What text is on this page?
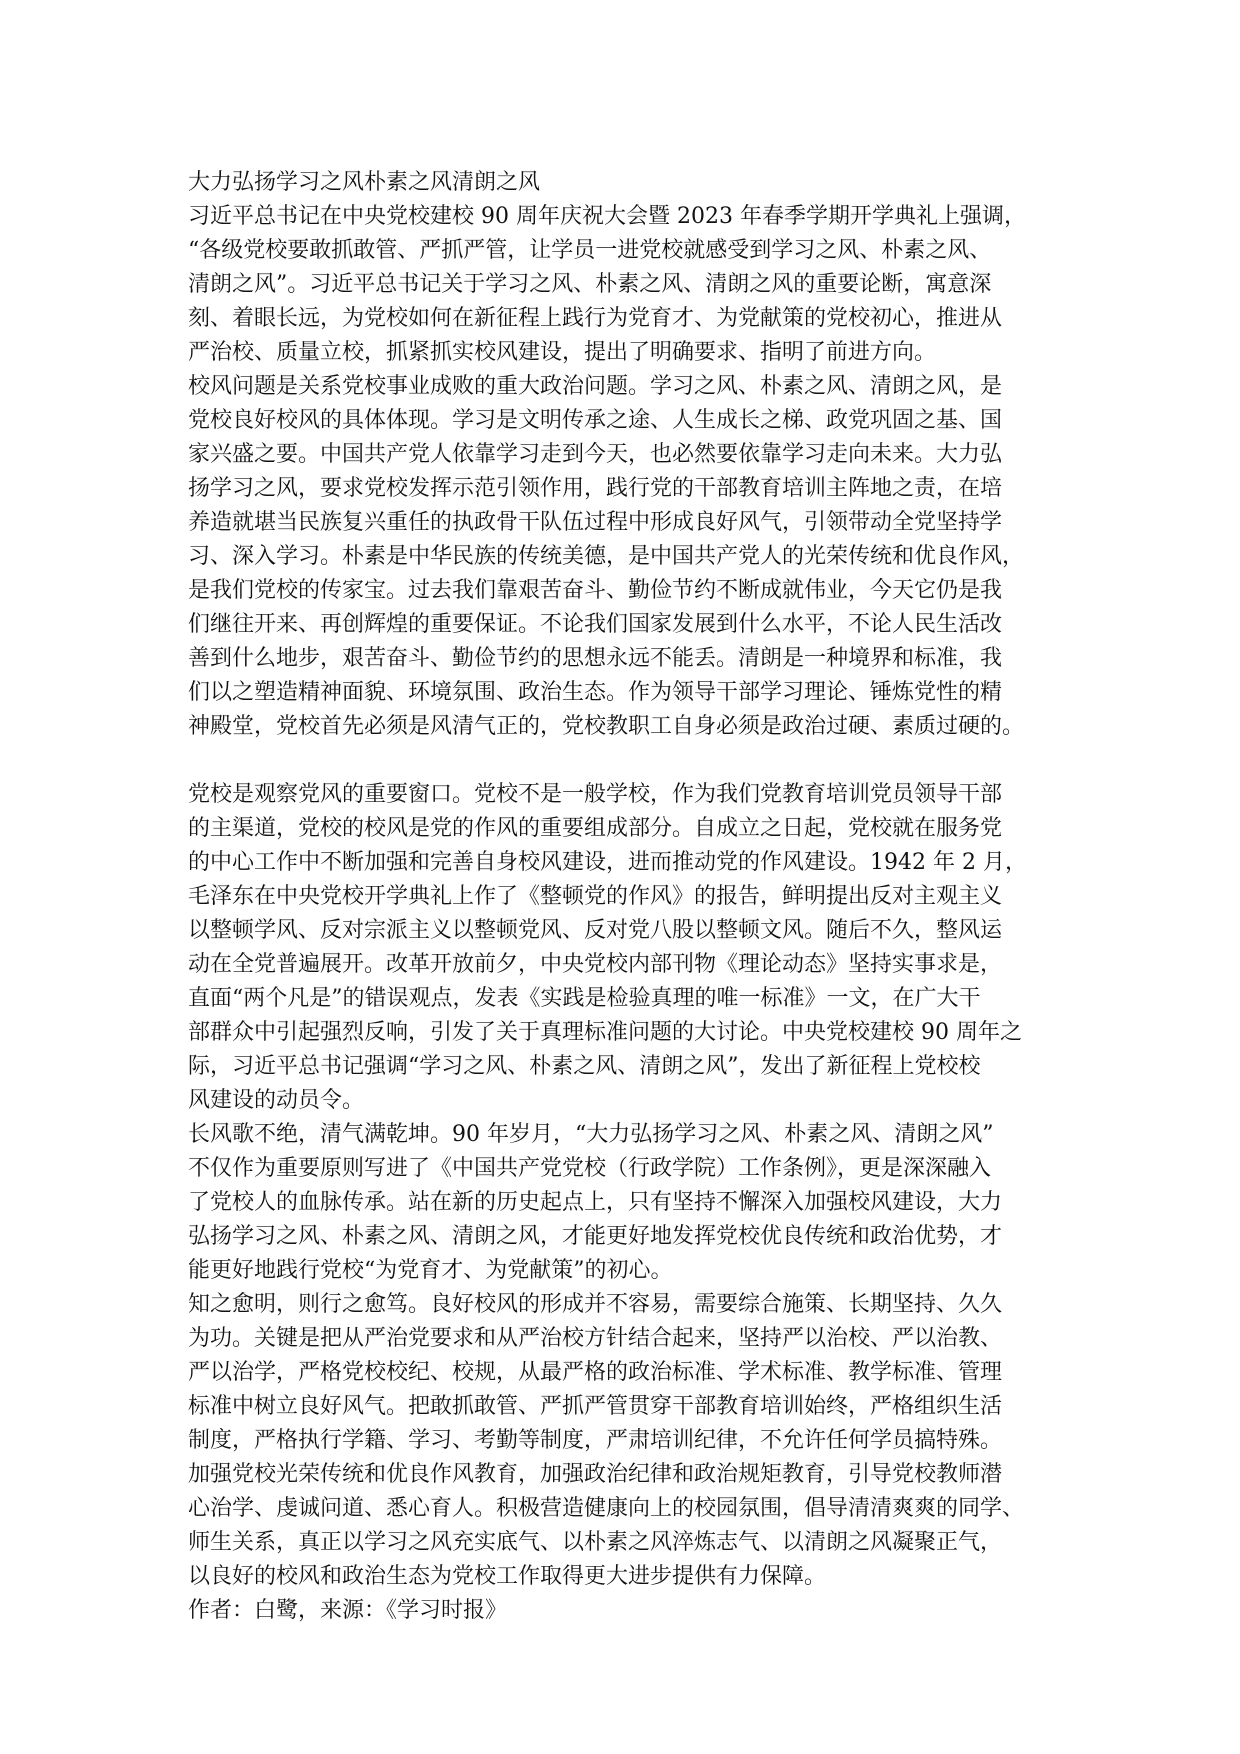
大力弘扬学习之风朴素之风清朗之风
习近平总书记在中央党校建校 90 周年庆祝大会暨 2023 年春季学期开学典礼上强调，
“各级党校要敢抓敢管、严抓严管，让学员一进党校就感受到学习之风、朴素之风、
清朗之风”。习近平总书记关于学习之风、朴素之风、清朗之风的重要论断，寓意深
刻、着眼长远，为党校如何在新征程上践行为党育才、为党献策的党校初心，推进从
严治校、质量立校，抓紧抓实校风建设，提出了明确要求、指明了前进方向。
校风问题是关系党校事业成败的重大政治问题。学习之风、朴素之风、清朗之风，是
党校良好校风的具体体现。学习是文明传承之途、人生成长之梯、政党巩固之基、国
家兴盛之要。中国共产党人依靠学习走到今天，也必然要依靠学习走向未来。大力弘
扬学习之风，要求党校发挥示范引领作用，践行党的干部教育培训主阵地之责，在培
养造就堪当民族复兴重任的执政骨干队伍过程中形成良好风气，引领带动全党坚持学
习、深入学习。朴素是中华民族的传统美德，是中国共产党人的光荣传统和优良作风，
是我们党校的传家宝。过去我们靠艰苦奋斗、勤俭节约不断成就伟业，今天它仍是我
们继往开来、再创辉煌的重要保证。不论我们国家发展到什么水平，不论人民生活改
善到什么地步，艰苦奋斗、勤俭节约的思想永远不能丢。清朗是一种境界和标准，我
们以之塑造精神面貌、环境氛围、政治生态。作为领导干部学习理论、锤炼党性的精
神殿堂，党校首先必须是风清气正的，党校教职工自身必须是政治过硬、素质过硬的。
党校是观察党风的重要窗口。党校不是一般学校，作为我们党教育培训党员领导干部
的主渠道，党校的校风是党的作风的重要组成部分。自成立之日起，党校就在服务党
的中心工作中不断加强和完善自身校风建设，进而推动党的作风建设。1942 年 2 月，
毛泽东在中央党校开学典礼上作了《整顿党的作风》的报告，鲜明提出反对主观主义
以整顿学风、反对宗派主义以整顿党风、反对党八股以整顿文风。随后不久，整风运
动在全党普遍展开。改革开放前夕，中央党校内部刊物《理论动态》坚持实事求是，
直面“两个凡是”的错误观点，发表《实践是检验真理的唯一标准》一文，在广大干
部群众中引起强烈反响，引发了关于真理标准问题的大讨论。中央党校建校 90 周年之
际，习近平总书记强调“学习之风、朴素之风、清朗之风”，发出了新征程上党校校
风建设的动员令。
长风歌不绝，清气满乾坤。90 年岁月，“大力弘扬学习之风、朴素之风、清朗之风”
不仅作为重要原则写进了《中国共产党党校（行政学院）工作条例》，更是深深融入
了党校人的血脉传承。站在新的历史起点上，只有坚持不懈深入加强校风建设，大力
弘扬学习之风、朴素之风、清朗之风，才能更好地发挥党校优良传统和政治优势，才
能更好地践行党校“为党育才、为党献策”的初心。
知之愈明，则行之愈笃。良好校风的形成并不容易，需要综合施策、长期坚持、久久
为功。关键是把从严治党要求和从严治校方针结合起来，坚持严以治校、严以治教、
严以治学，严格党校校纪、校规，从最严格的政治标准、学术标准、教学标准、管理
标准中树立良好风气。把敢抓敢管、严抓严管贯穿干部教育培训始终，严格组织生活
制度，严格执行学籍、学习、考勤等制度，严肃培训纪律，不允许任何学员搞特殊。
加强党校光荣传统和优良作风教育，加强政治纪律和政治规矩教育，引导党校教师潜
心治学、虔诚问道、悉心育人。积极营造健康向上的校园氛围，倡导清清爽爽的同学、
师生关系，真正以学习之风充实底气、以朴素之风淬炼志气、以清朗之风凝聚正气，
以良好的校风和政治生态为党校工作取得更大进步提供有力保障。
作者：白鹭，来源：《学习时报》
